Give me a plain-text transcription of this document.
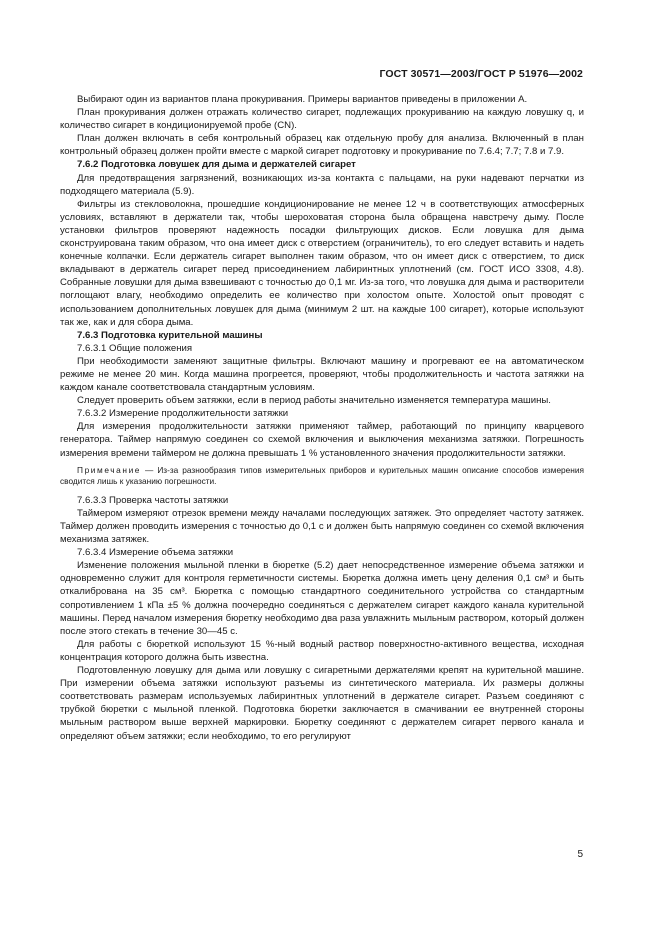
ГОСТ 30571—2003/ГОСТ Р 51976—2002

Выбирают один из вариантов плана прокуривания. Примеры вариантов приведены в приложении А.

План прокуривания должен отражать количество сигарет, подлежащих прокуриванию на каждую ловушку q, и количество сигарет в кондиционируемой пробе (CN).

План должен включать в себя контрольный образец как отдельную пробу для анализа. Включенный в план контрольный образец должен пройти вместе с маркой сигарет подготовку и прокуривание по 7.6.4; 7.7; 7.8 и 7.9.

7.6.2 Подготовка ловушек для дыма и держателей сигарет

Для предотвращения загрязнений, возникающих из-за контакта с пальцами, на руки надевают перчатки из подходящего материала (5.9).

Фильтры из стекловолокна, прошедшие кондиционирование не менее 12 ч в соответствующих атмосферных условиях, вставляют в держатели так, чтобы шероховатая сторона была обращена навстречу дыму. После установки фильтров проверяют надежность посадки фильтрующих дисков. Если ловушка для дыма сконструирована таким образом, что она имеет диск с отверстием (ограничитель), то его следует вставить и надеть конечные колпачки. Если держатель сигарет выполнен таким образом, что он имеет диск с отверстием, то диск вкладывают в держатель сигарет перед присоединением лабиринтных уплотнений (см. ГОСТ ИСО 3308, 4.8). Собранные ловушки для дыма взвешивают с точностью до 0,1 мг. Из-за того, что ловушка для дыма и растворители поглощают влагу, необходимо определить ее количество при холостом опыте. Холостой опыт проводят с использованием дополнительных ловушек для дыма (минимум 2 шт. на каждые 100 сигарет), которые используют так же, как и для сбора дыма.

7.6.3 Подготовка курительной машины

7.6.3.1 Общие положения

При необходимости заменяют защитные фильтры. Включают машину и прогревают ее на автоматическом режиме не менее 20 мин. Когда машина прогреется, проверяют, чтобы продолжительность и частота затяжки на каждом канале соответствовала стандартным условиям.

Следует проверить объем затяжки, если в период работы значительно изменяется температура машины.

7.6.3.2 Измерение продолжительности затяжки

Для измерения продолжительности затяжки применяют таймер, работающий по принципу кварцевого генератора. Таймер напрямую соединен со схемой включения и выключения механизма затяжки. Погрешность измерения времени таймером не должна превышать 1 % установленного значения продолжительности затяжки.

Примечание — Из-за разнообразия типов измерительных приборов и курительных машин описание способов измерения сводится лишь к указанию погрешности.

7.6.3.3 Проверка частоты затяжки

Таймером измеряют отрезок времени между началами последующих затяжек. Это определяет частоту затяжек. Таймер должен проводить измерения с точностью до 0,1 с и должен быть напрямую соединен со схемой включения механизма затяжек.

7.6.3.4 Измерение объема затяжки

Изменение положения мыльной пленки в бюретке (5.2) дает непосредственное измерение объема затяжки и одновременно служит для контроля герметичности системы. Бюретка должна иметь цену деления 0,1 см³ и быть откалибрована на 35 см³. Бюретка с помощью стандартного соединительного устройства со стандартным сопротивлением 1 кПа ±5 % должна поочередно соединяться с держателем сигарет каждого канала курительной машины. Перед началом измерения бюретку необходимо два раза увлажнить мыльным раствором, который должен после этого стекать в течение 30—45 с.

Для работы с бюреткой используют 15 %-ный водный раствор поверхностно-активного вещества, исходная концентрация которого должна быть известна.

Подготовленную ловушку для дыма или ловушку с сигаретными держателями крепят на курительной машине. При измерении объема затяжки используют разъемы из синтетического материала. Их размеры должны соответствовать размерам используемых лабиринтных уплотнений в держателе сигарет. Разъем соединяют с трубкой бюретки с мыльной пленкой. Подготовка бюретки заключается в смачивании ее внутренней стороны мыльным раствором выше верхней маркировки. Бюретку соединяют с держателем сигарет первого канала и определяют объем затяжки; если необходимо, то его регулируют

5
